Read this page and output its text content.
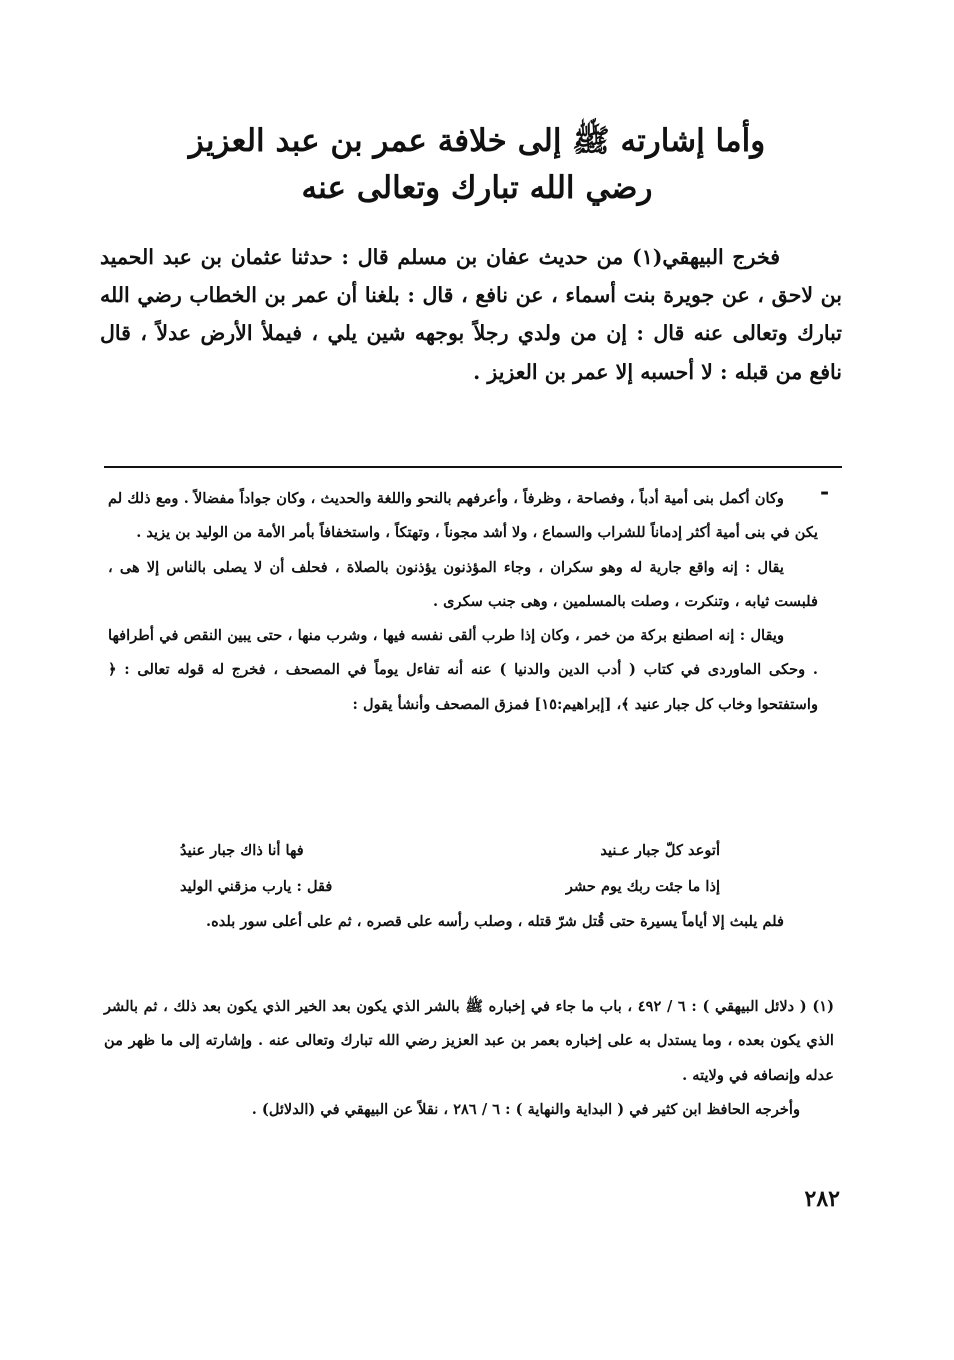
وأما إشارته ﷺ إلى خلافة عمر بن عبد العزيز
رضي الله تبارك وتعالى عنه

فخرج البيهقي(١) من حديث عفان بن مسلم قال : حدثنا عثمان بن عبد الحميد بن لاحق ، عن جويرة بنت أسماء ، عن نافع ، قال : بلغنا أن عمر بن الخطاب رضي الله تبارك وتعالى عنه قال : إن من ولدي رجلاً بوجهه شين يلي ، فيملأ الأرض عدلاً ، قال نافع من قبله : لا أحسبه إلا عمر بن العزيز .

-

وكان أكمل بنى أمية أدباً ، وفصاحة ، وظرفاً ، وأعرفهم بالنحو واللغة والحديث ، وكان جواداً مفضالاً . ومع ذلك لم يكن في بنى أمية أكثر إدماناً للشراب والسماع ، ولا أشد مجوناً ، وتهتكاً ، واستخفافاً بأمر الأمة من الوليد بن يزيد .

يقال : إنه واقع جارية له وهو سكران ، وجاء المؤذنون يؤذنون بالصلاة ، فحلف أن لا يصلى بالناس إلا هى ، فلبست ثيابه ، وتنكرت ، وصلت بالمسلمين ، وهى جنب سكرى .

ويقال : إنه اصطنع بركة من خمر ، وكان إذا طرب ألقى نفسه فيها ، وشرب منها ، حتى يبين النقص في أطرافها . وحكى الماوردى في كتاب ( أدب الدين والدنيا ) عنه أنه تفاءل يوماً في المصحف ، فخرج له قوله تعالى : ﴿ واستفتحوا وخاب كل جبار عنيد ﴾، [إبراهيم:١٥] فمزق المصحف وأنشأ يقول :

أتوعد كلّ جبار عـنيد
فها أنا ذاك جبار عنيدُ
إذا ما جئت ربك يوم حشر
فقل : يارب مزقني الوليد

فلم يلبث إلا أياماً يسيرة حتى قُتل شرّ قتله ، وصلب رأسه على قصره ، ثم على أعلى سور بلده.

(١) ( دلائل البيهقي ) : ٦ / ٤٩٢ ، باب ما جاء في إخباره ﷺ بالشر الذي يكون بعد الخير الذي يكون بعد ذلك ، ثم بالشر الذي يكون بعده ، وما يستدل به على إخباره بعمر بن عبد العزيز رضي الله تبارك وتعالى عنه . وإشارته إلى ما ظهر من عدله وإنصافه في ولايته .

وأخرجه الحافظ ابن كثير في ( البداية والنهاية ) : ٦ / ٢٨٦ ، نقلاً عن البيهقي في (الدلائل) .

٢٨٢
